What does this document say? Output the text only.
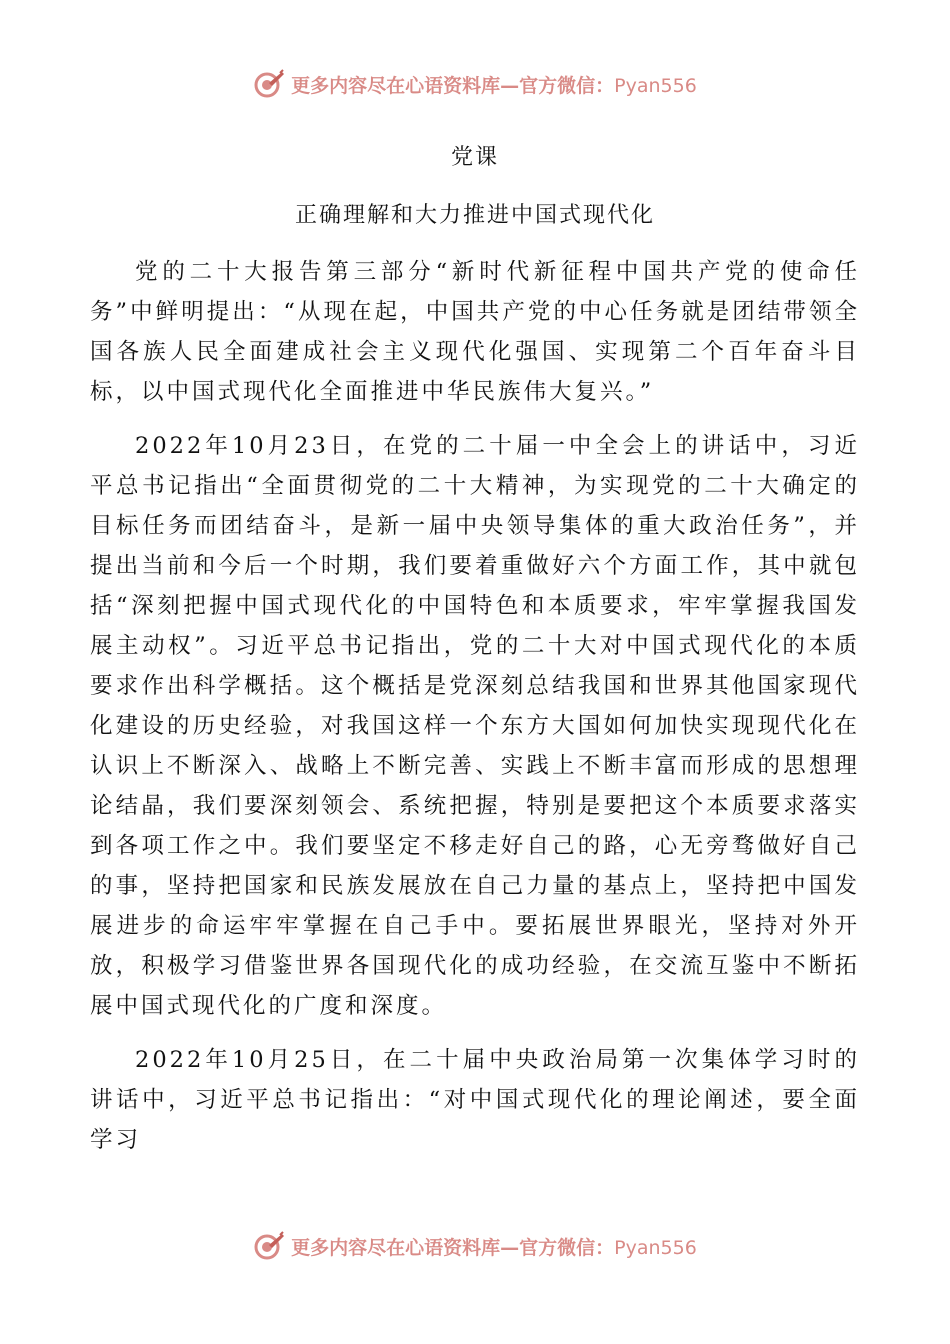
更多内容尽在心语资料库—官方微信：Pyan556
党课
正确理解和大力推进中国式现代化

党的二十大报告第三部分“新时代新征程中国共产党的使命任务”中鲜明提出：“从现在起，中国共产党的中心任务就是团结带领全国各族人民全面建成社会主义现代化强国、实现第二个百年奋斗目标，以中国式现代化全面推进中华民族伟大复兴。”

2022年10月23日，在党的二十届一中全会上的讲话中，习近平总书记指出“全面贯彻党的二十大精神，为实现党的二十大确定的目标任务而团结奋斗，是新一届中央领导集体的重大政治任务”，并提出当前和今后一个时期，我们要着重做好六个方面工作，其中就包括“深刻把握中国式现代化的中国特色和本质要求，牢牢掌握我国发展主动权”。习近平总书记指出，党的二十大对中国式现代化的本质要求作出科学概括。这个概括是党深刻总结我国和世界其他国家现代化建设的历史经验，对我国这样一个东方大国如何加快实现现代化在认识上不断深入、战略上不断完善、实践上不断丰富而形成的思想理论结晶，我们要深刻领会、系统把握，特别是要把这个本质要求落实到各项工作之中。我们要坚定不移走好自己的路，心无旁骛做好自己的事，坚持把国家和民族发展放在自己力量的基点上，坚持把中国发展进步的命运牢牢掌握在自己手中。要拓展世界眼光，坚持对外开放，积极学习借鉴世界各国现代化的成功经验，在交流互鉴中不断拓展中国式现代化的广度和深度。

2022年10月25日，在二十届中央政治局第一次集体学习时的讲话中，习近平总书记指出：“对中国式现代化的理论阐述，要全面学习

更多内容尽在心语资料库—官方微信：Pyan556
